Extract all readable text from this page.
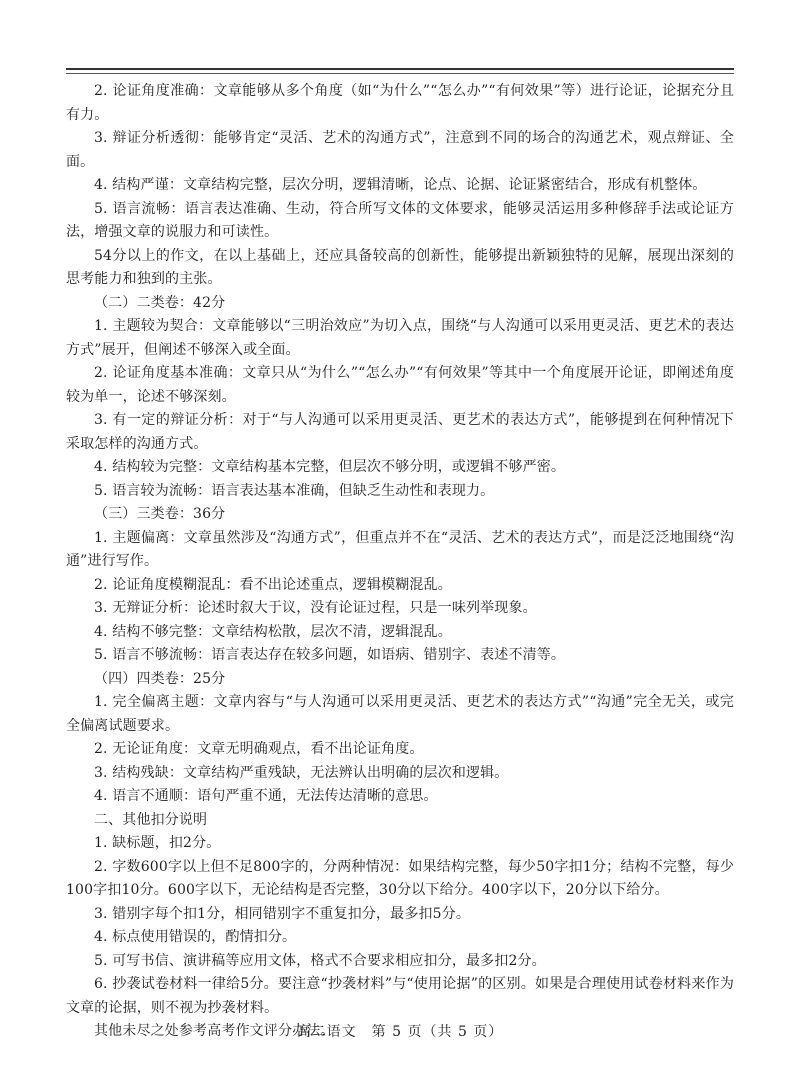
2. 论证角度准确：文章能够从多个角度（如“为什么”“怎么办”“有何效果”等）进行论证，论据充分且有力。

3. 辩证分析透彻：能够肯定“灵活、艺术的沟通方式”，注意到不同的场合的沟通艺术，观点辩证、全面。

4. 结构严谨：文章结构完整，层次分明，逻辑清晰，论点、论据、论证紧密结合，形成有机整体。

5. 语言流畅：语言表达准确、生动，符合所写文体的文体要求，能够灵活运用多种修辞手法或论证方法，增强文章的说服力和可读性。

54分以上的作文，在以上基础上，还应具备较高的创新性，能够提出新颖独特的见解，展现出深刻的思考能力和独到的主张。

（二）二类卷：42分

1. 主题较为契合：文章能够以“三明治效应”为切入点，围绕“与人沟通可以采用更灵活、更艺术的表达方式”展开，但阐述不够深入或全面。

2. 论证角度基本准确：文章只从“为什么”“怎么办”“有何效果”等其中一个角度展开论证，即阐述角度较为单一，论述不够深刻。

3. 有一定的辩证分析：对于“与人沟通可以采用更灵活、更艺术的表达方式”，能够提到在何种情况下采取怎样的沟通方式。

4. 结构较为完整：文章结构基本完整，但层次不够分明，或逻辑不够严密。

5. 语言较为流畅：语言表达基本准确，但缺乏生动性和表现力。

（三）三类卷：36分

1. 主题偏离：文章虽然涉及“沟通方式”，但重点并不在“灵活、艺术的表达方式”，而是泛泛地围绕“沟通”进行写作。

2. 论证角度模糊混乱：看不出论述重点，逻辑模糊混乱。

3. 无辩证分析：论述时叙大于议，没有论证过程，只是一味列举现象。

4. 结构不够完整：文章结构松散，层次不清，逻辑混乱。

5. 语言不够流畅：语言表达存在较多问题，如语病、错别字、表述不清等。

（四）四类卷：25分

1. 完全偏离主题：文章内容与“与人沟通可以采用更灵活、更艺术的表达方式”“沟通”完全无关，或完全偏离试题要求。

2. 无论证角度：文章无明确观点，看不出论证角度。

3. 结构残缺：文章结构严重残缺，无法辨认出明确的层次和逻辑。

4. 语言不通顺：语句严重不通，无法传达清晰的意思。

二、其他扣分说明

1. 缺标题，扣2分。

2. 字数600字以上但不足800字的，分两种情况：如果结构完整，每少50字扣1分；结构不完整，每少100字扣10分。600字以下，无论结构是否完整，30分以下给分。400字以下，20分以下给分。

3. 错别字每个扣1分，相同错别字不重复扣分，最多扣5分。

4. 标点使用错误的，酌情扣分。

5. 可写书信、演讲稿等应用文体，格式不合要求相应扣分，最多扣2分。

6. 抄袭试卷材料一律给5分。要注意“抄袭材料”与“使用论据”的区别。如果是合理使用试卷材料来作为文章的论据，则不视为抄袭材料。

其他未尽之处参考高考作文评分办法。

高二语文　第 5 页（共 5 页）
